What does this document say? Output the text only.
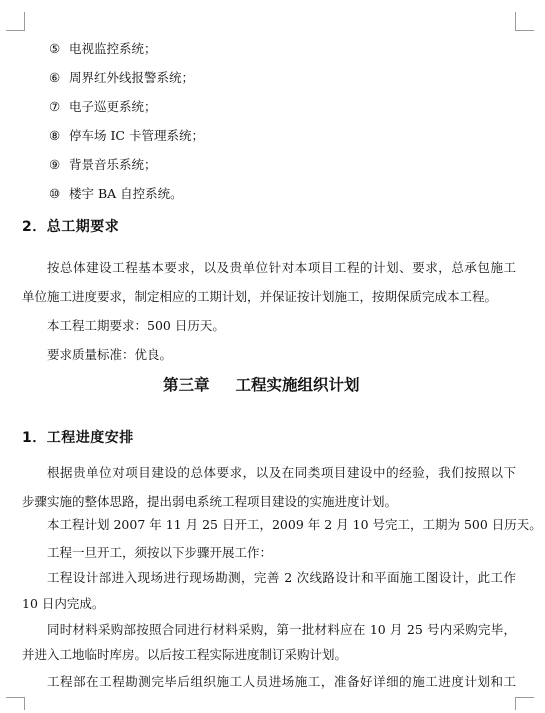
⑤ 电视监控系统；
⑥ 周界红外线报警系统；
⑦ 电子巡更系统；
⑧ 停车场 IC 卡管理系统；
⑨ 背景音乐系统；
⑩ 楼宇 BA 自控系统。
2．总工期要求
按总体建设工程基本要求，以及贵单位针对本项目工程的计划、要求，总承包施工
单位施工进度要求，制定相应的工期计划，并保证按计划施工，按期保质完成本工程。
本工程工期要求：500 日历天。
要求质量标准：优良。
第三章 工程实施组织计划
1．工程进度安排
根据贵单位对项目建设的总体要求，以及在同类项目建设中的经验，我们按照以下
步骤实施的整体思路，提出弱电系统工程项目建设的实施进度计划。
本工程计划 2007 年 11 月 25 日开工，2009 年 2 月 10 号完工，工期为 500 日历天。
工程一旦开工，须按以下步骤开展工作：
工程设计部进入现场进行现场勘测，完善 2 次线路设计和平面施工图设计，此工作
10 日内完成。
同时材料采购部按照合同进行材料采购，第一批材料应在 10 月 25 号内采购完毕，
并进入工地临时库房。以后按工程实际进度制订采购计划。
工程部在工程勘测完毕后组织施工人员进场施工，准备好详细的施工进度计划和工
